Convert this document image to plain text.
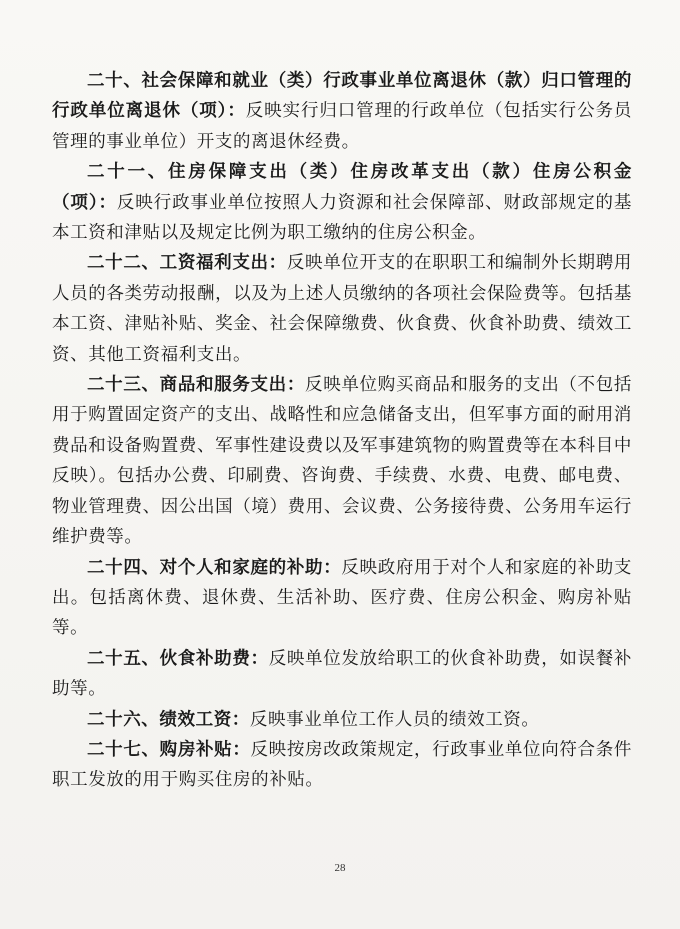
二十、社会保障和就业（类）行政事业单位离退休（款）归口管理的行政单位离退休（项）：反映实行归口管理的行政单位（包括实行公务员管理的事业单位）开支的离退休经费。

二十一、住房保障支出（类）住房改革支出（款）住房公积金（项）：反映行政事业单位按照人力资源和社会保障部、财政部规定的基本工资和津贴以及规定比例为职工缴纳的住房公积金。

二十二、工资福利支出：反映单位开支的在职职工和编制外长期聘用人员的各类劳动报酬，以及为上述人员缴纳的各项社会保险费等。包括基本工资、津贴补贴、奖金、社会保障缴费、伙食费、伙食补助费、绩效工资、其他工资福利支出。

二十三、商品和服务支出：反映单位购买商品和服务的支出（不包括用于购置固定资产的支出、战略性和应急储备支出，但军事方面的耐用消费品和设备购置费、军事性建设费以及军事建筑物的购置费等在本科目中反映）。包括办公费、印刷费、咨询费、手续费、水费、电费、邮电费、物业管理费、因公出国（境）费用、会议费、公务接待费、公务用车运行维护费等。

二十四、对个人和家庭的补助：反映政府用于对个人和家庭的补助支出。包括离休费、退休费、生活补助、医疗费、住房公积金、购房补贴等。

二十五、伙食补助费：反映单位发放给职工的伙食补助费，如误餐补助等。

二十六、绩效工资：反映事业单位工作人员的绩效工资。

二十七、购房补贴：反映按房改政策规定，行政事业单位向符合条件职工发放的用于购买住房的补贴。

28
